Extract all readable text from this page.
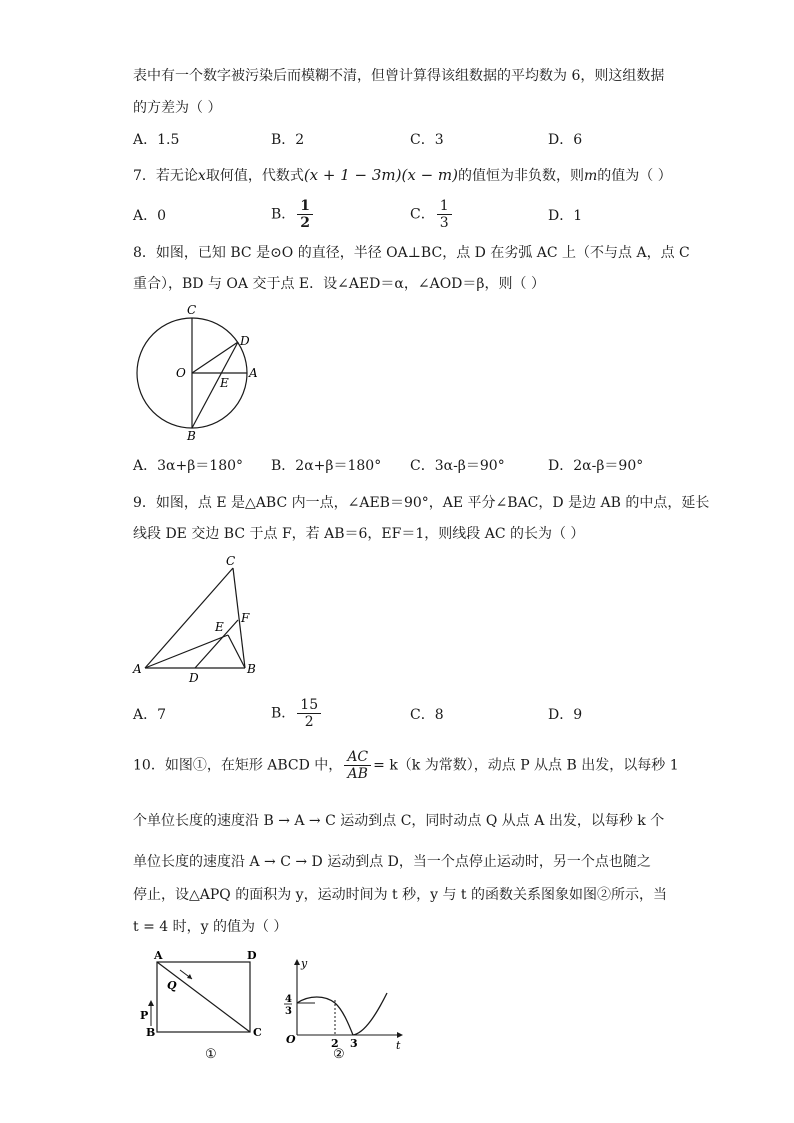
表中有一个数字被污染后而模糊不清，但曾计算得该组数据的平均数为 6，则这组数据
的方差为（ ）
A．1.5	B．2	C．3	D．6
7．若无论x取何值，代数式(x + 1 − 3m)(x − m)的值恒为非负数，则m的值为（ ）
A．0	B． $\frac{1}{2}$	C． $\frac{1}{3}$	D．1
8．如图，已知 BC 是⊙O 的直径，半径 OA⊥BC，点 D 在劣弧 AC 上（不与点 A，点 C
重合），BD 与 OA 交于点 E．设∠AED＝α，∠AOD＝β，则（ ）
C
D
O
E
A
B
A．3α+β＝180° B．2α+β＝180° C．3α-β＝90°	D．2α-β＝90°
9．如图，点 E 是△ABC 内一点，∠AEB＝90°，AE 平分∠BAC，D 是边 AB 的中点，延长
线段 DE 交边 BC 于点 F，若 AB＝6，EF＝1，则线段 AC 的长为（ ）
C
F
E
A	B
D
A．7	B． $\frac{15}{2}$	C．8	D．9
10．如图①，在矩形 ABCD 中， $\frac{AC}{AB} = k(k$ 为常数），动点 P 从点 B 出发，以每秒 1
个单位长度的速度沿 B → A → C 运动到点 C，同时动点 Q 从点 A 出发，以每秒 k 个
单位长度的速度沿 A → C → D 运动到点 D，当一个点停止运动时，另一个点也随之
停止，设△APQ 的面积为 y，运动时间为 t 秒，y 与 t 的函数关系图象如图②所示，当
t = 4 时，y 的值为（ ）
A	D
Q
P
B	C
①
y
t
O
4
3
2 3
②
